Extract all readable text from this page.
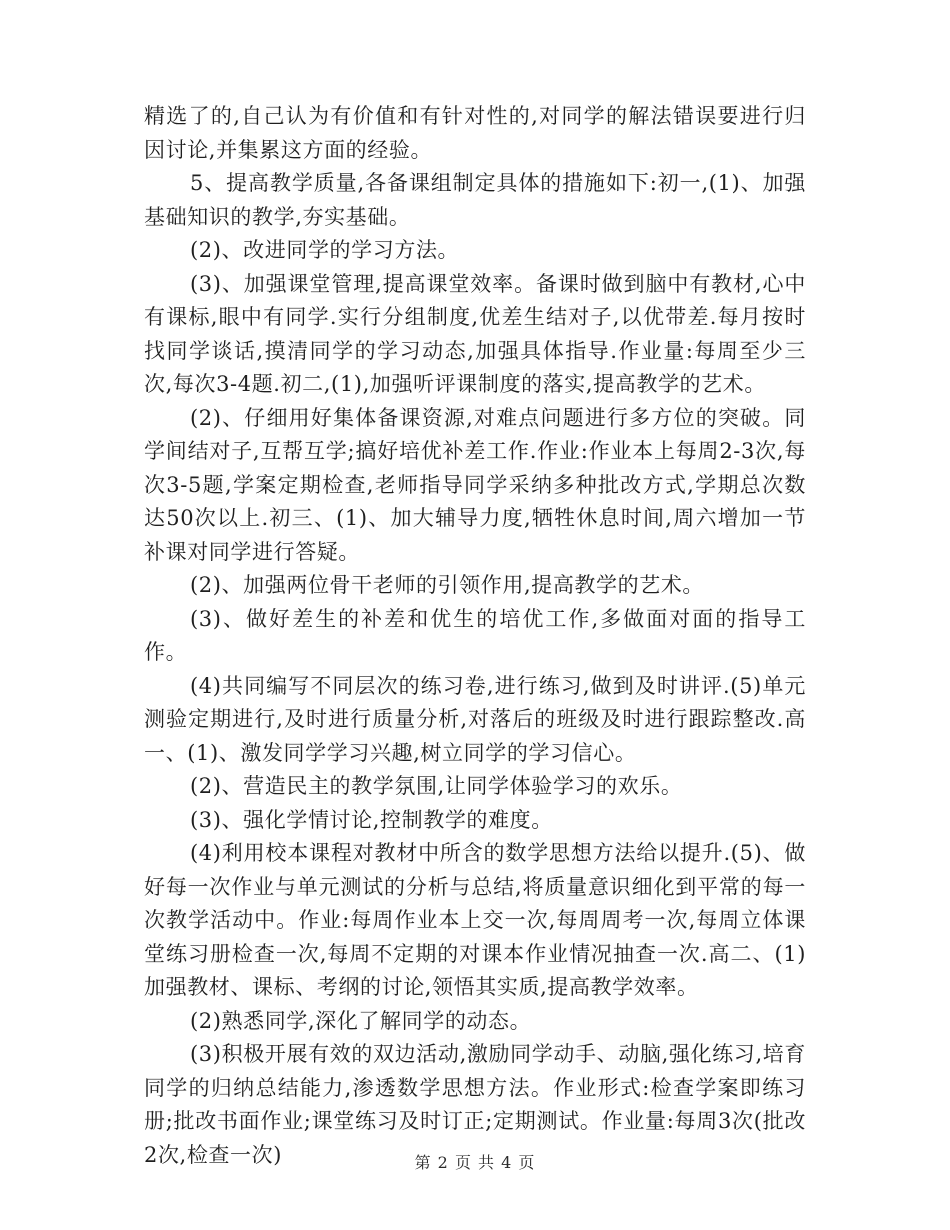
精选了的,自己认为有价值和有针对性的,对同学的解法错误要进行归因讨论,并集累这方面的经验。

5、提高教学质量,各备课组制定具体的措施如下:初一,(1)、加强基础知识的教学,夯实基础。

(2)、改进同学的学习方法。

(3)、加强课堂管理,提高课堂效率。备课时做到脑中有教材,心中有课标,眼中有同学.实行分组制度,优差生结对子,以优带差.每月按时找同学谈话,摸清同学的学习动态,加强具体指导.作业量:每周至少三次,每次3-4题.初二,(1),加强听评课制度的落实,提高教学的艺术。

(2)、仔细用好集体备课资源,对难点问题进行多方位的突破。同学间结对子,互帮互学;搞好培优补差工作.作业:作业本上每周2-3次,每次3-5题,学案定期检查,老师指导同学采纳多种批改方式,学期总次数达50次以上.初三、(1)、加大辅导力度,牺牲休息时间,周六增加一节补课对同学进行答疑。

(2)、加强两位骨干老师的引领作用,提高教学的艺术。

(3)、做好差生的补差和优生的培优工作,多做面对面的指导工作。

(4)共同编写不同层次的练习卷,进行练习,做到及时讲评.(5)单元测验定期进行,及时进行质量分析,对落后的班级及时进行跟踪整改.高一、(1)、激发同学学习兴趣,树立同学的学习信心。

(2)、营造民主的教学氛围,让同学体验学习的欢乐。

(3)、强化学情讨论,控制教学的难度。

(4)利用校本课程对教材中所含的数学思想方法给以提升.(5)、做好每一次作业与单元测试的分析与总结,将质量意识细化到平常的每一次教学活动中。作业:每周作业本上交一次,每周周考一次,每周立体课堂练习册检查一次,每周不定期的对课本作业情况抽查一次.高二、(1)加强教材、课标、考纲的讨论,领悟其实质,提高教学效率。

(2)熟悉同学,深化了解同学的动态。

(3)积极开展有效的双边活动,激励同学动手、动脑,强化练习,培育同学的归纳总结能力,渗透数学思想方法。作业形式:检查学案即练习册;批改书面作业;课堂练习及时订正;定期测试。作业量:每周3次(批改2次,检查一次)	第 2 页 共 4 页
